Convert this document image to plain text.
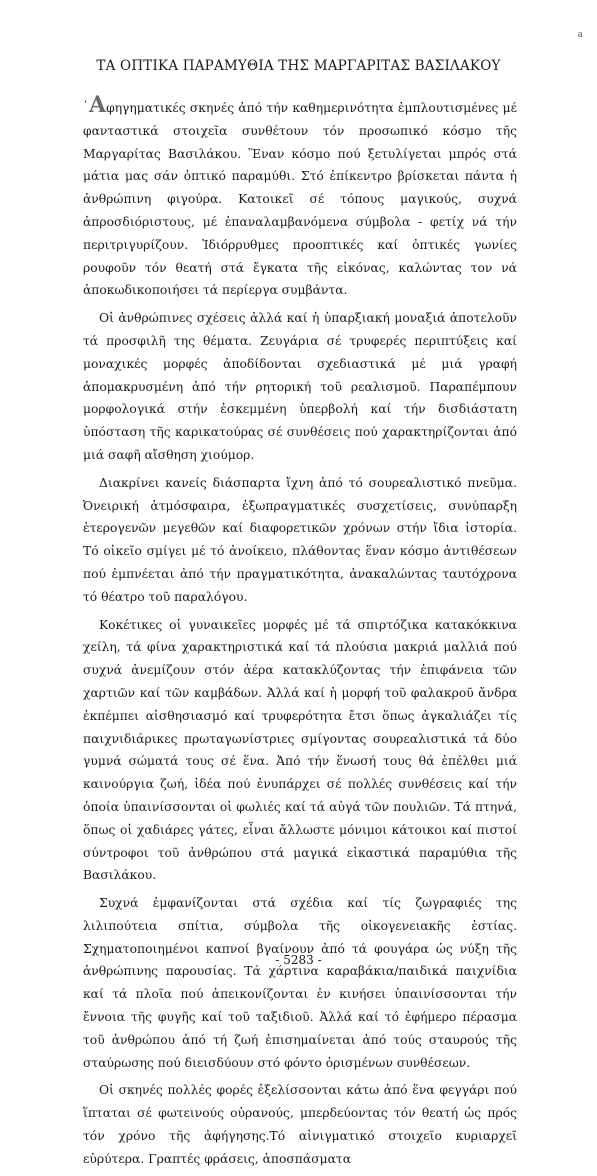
a
ΤΑ ΟΠΤΙΚΑ ΠΑΡΑΜΥΘΙΑ ΤΗΣ ΜΑΡΓΑΡΙΤΑΣ ΒΑΣΙΛΑΚΟΥ

῾Αφηγηματικές σκηνές ἀπό τήν καθημερινότητα ἐμπλουτισμένες μέ φανταστικά στοιχεῖα συνθέτουν τόν προσωπικό κόσμο τῆς Μαργαρίτας Βασιλάκου. Ἕναν κόσμο πού ξετυλίγεται μπρός στά μάτια μας σάν ὀπτικό παραμύθι. Στό ἐπίκεντρο βρίσκεται πάντα ἡ ἀνθρώπινη φιγούρα. Κατοικεῖ σέ τόπους μαγικούς, συχνά ἀπροσδιόριστους, μέ ἐπαναλαμβανόμενα σύμβολα - φετίχ νά τήν περιτριγυρίζουν. Ἰδιόρρυθμες προοπτικές καί ὀπτικές γωνίες ρουφοῦν τόν θεατή στά ἔγκατα τῆς εἰκόνας, καλώντας τον νά ἀποκωδικοποιήσει τά περίεργα συμβάντα.

Οἱ ἀνθρώπινες σχέσεις ἀλλά καί ἡ ὑπαρξιακή μοναξιά ἀποτελοῦν τά προσφιλῆ της θέματα. Ζευγάρια σέ τρυφερές περιπτύξεις καί μοναχικές μορφές ἀποδίδονται σχεδιαστικά μέ μιά γραφή ἀπομακρυσμένη ἀπό τήν ρητορική τοῦ ρεαλισμοῦ. Παραπέμπουν μορφολογικά στήν ἐσκεμμένη ὑπερβολή καί τήν δισδιάστατη ὑπόσταση τῆς καρικατούρας σέ συνθέσεις πού χαρακτηρίζονται ἀπό μιά σαφῆ αἴσθηση χιούμορ.

Διακρίνει κανείς διάσπαρτα ἴχνη ἀπό τό σουρεαλιστικό πνεῦμα. Ὀνειρική ἀτμόσφαιρα, ἐξωπραγματικές συσχετίσεις, συνύπαρξη ἑτερογενῶν μεγεθῶν καί διαφορετικῶν χρόνων στήν ἴδια ἱστορία. Τό οἰκεῖο σμίγει μέ τό ἀνοίκειο, πλάθοντας ἕναν κόσμο ἀντιθέσεων πού ἐμπνέεται ἀπό τήν πραγματικότητα, ἀνακαλώντας ταυτόχρονα τό θέατρο τοῦ παραλόγου.

Κοκέτικες οἱ γυναικεῖες μορφές μέ τά σπιρτόζικα κατακόκκινα χείλη, τά φίνα χαρακτηριστικά καί τά πλούσια μακριά μαλλιά πού συχνά ἀνεμίζουν στόν ἀέρα κατακλύζοντας τήν ἐπιφάνεια τῶν χαρτιῶν καί τῶν καμβάδων. Ἀλλά καί ἡ μορφή τοῦ φαλακροῦ ἄνδρα ἐκπέμπει αἰσθησιασμό καί τρυφερότητα ἔτσι ὅπως ἀγκαλιάζει τίς παιχνιδιάρικες πρωταγωνίστριες σμίγοντας σουρεαλιστικά τά δύο γυμνά σώματά τους σέ ἕνα. Ἀπό τήν ἕνωσή τους θά ἐπέλθει μιά καινούργια ζωή, ἰδέα πού ἐνυπάρχει σέ πολλές συνθέσεις καί τήν ὁποία ὑπαινίσσονται οἱ φωλιές καί τά αὐγά τῶν πουλιῶν. Τά πτηνά, ὅπως οἱ χαδιάρες γάτες, εἶναι ἄλλωστε μόνιμοι κάτοικοι καί πιστοί σύντροφοι τοῦ ἀνθρώπου στά μαγικά εἰκαστικά παραμύθια τῆς Βασιλάκου.

Συχνά ἐμφανίζονται στά σχέδια καί τίς ζωγραφιές της λιλιπούτεια σπίτια, σύμβολα τῆς οἰκογενειακῆς ἑστίας. Σχηματοποιημένοι καπνοί βγαίνουν ἀπό τά φουγάρα ὡς νύξη τῆς ἀνθρώπινης παρουσίας. Τά χάρτινα καραβάκια/παιδικά παιχνίδια καί τά πλοῖα πού ἀπεικονίζονται ἐν κινήσει ὑπαινίσσονται τήν ἔννοια τῆς φυγῆς καί τοῦ ταξιδιοῦ. Ἀλλά καί τό ἐφήμερο πέρασμα τοῦ ἀνθρώπου ἀπό τή ζωή ἐπισημαίνεται ἀπό τούς σταυρούς τῆς σταύρωσης πού διεισδύουν στό φόντο ὁρισμένων συνθέσεων.

Οἱ σκηνές πολλές φορές ἐξελίσσονται κάτω ἀπό ἕνα φεγγάρι πού ἵπταται σέ φωτεινούς οὐρανούς, μπερδεύοντας τόν θεατή ὡς πρός τόν χρόνο τῆς ἀφήγησης.Τό αἰνιγματικό στοιχεῖο κυριαρχεῖ εὐρύτερα. Γραπτές φράσεις, ἀποσπάσματα

- 5283 -
